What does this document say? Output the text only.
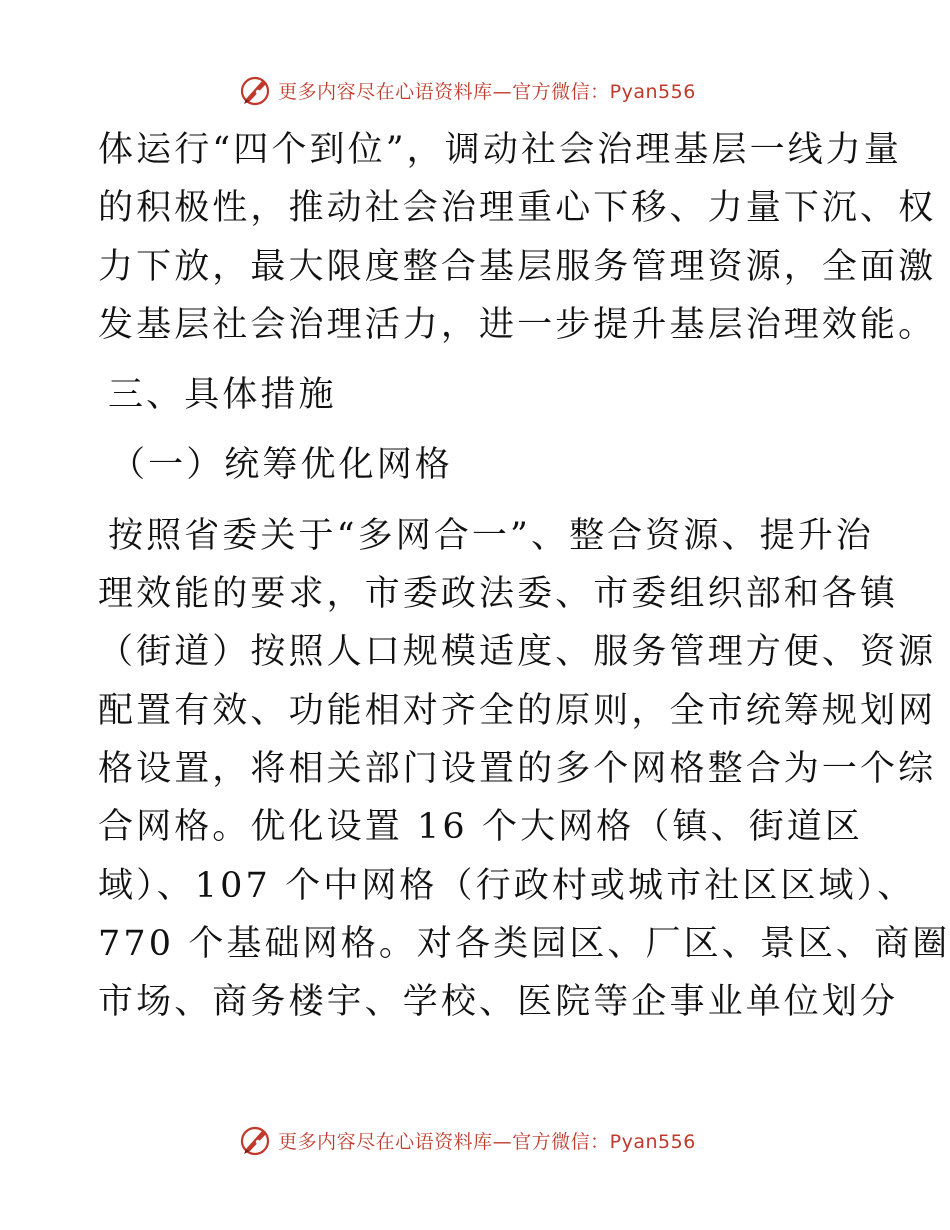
更多内容尽在心语资料库—官方微信：Pyan556

体运行“四个到位”，调动社会治理基层一线力量

的积极性，推动社会治理重心下移、力量下沉、权

力下放，最大限度整合基层服务管理资源，全面激

发基层社会治理活力，进一步提升基层治理效能。

三、具体措施

（一）统筹优化网格

按照省委关于“多网合一”、整合资源、提升治

理效能的要求，市委政法委、市委组织部和各镇

（街道）按照人口规模适度、服务管理方便、资源

配置有效、功能相对齐全的原则，全市统筹规划网

格设置，将相关部门设置的多个网格整合为一个综

合网格。优化设置 16 个大网格（镇、街道区

域）、107 个中网格（行政村或城市社区区域）、

770 个基础网格。对各类园区、厂区、景区、商圈

市场、商务楼宇、学校、医院等企事业单位划分

更多内容尽在心语资料库—官方微信：Pyan556
